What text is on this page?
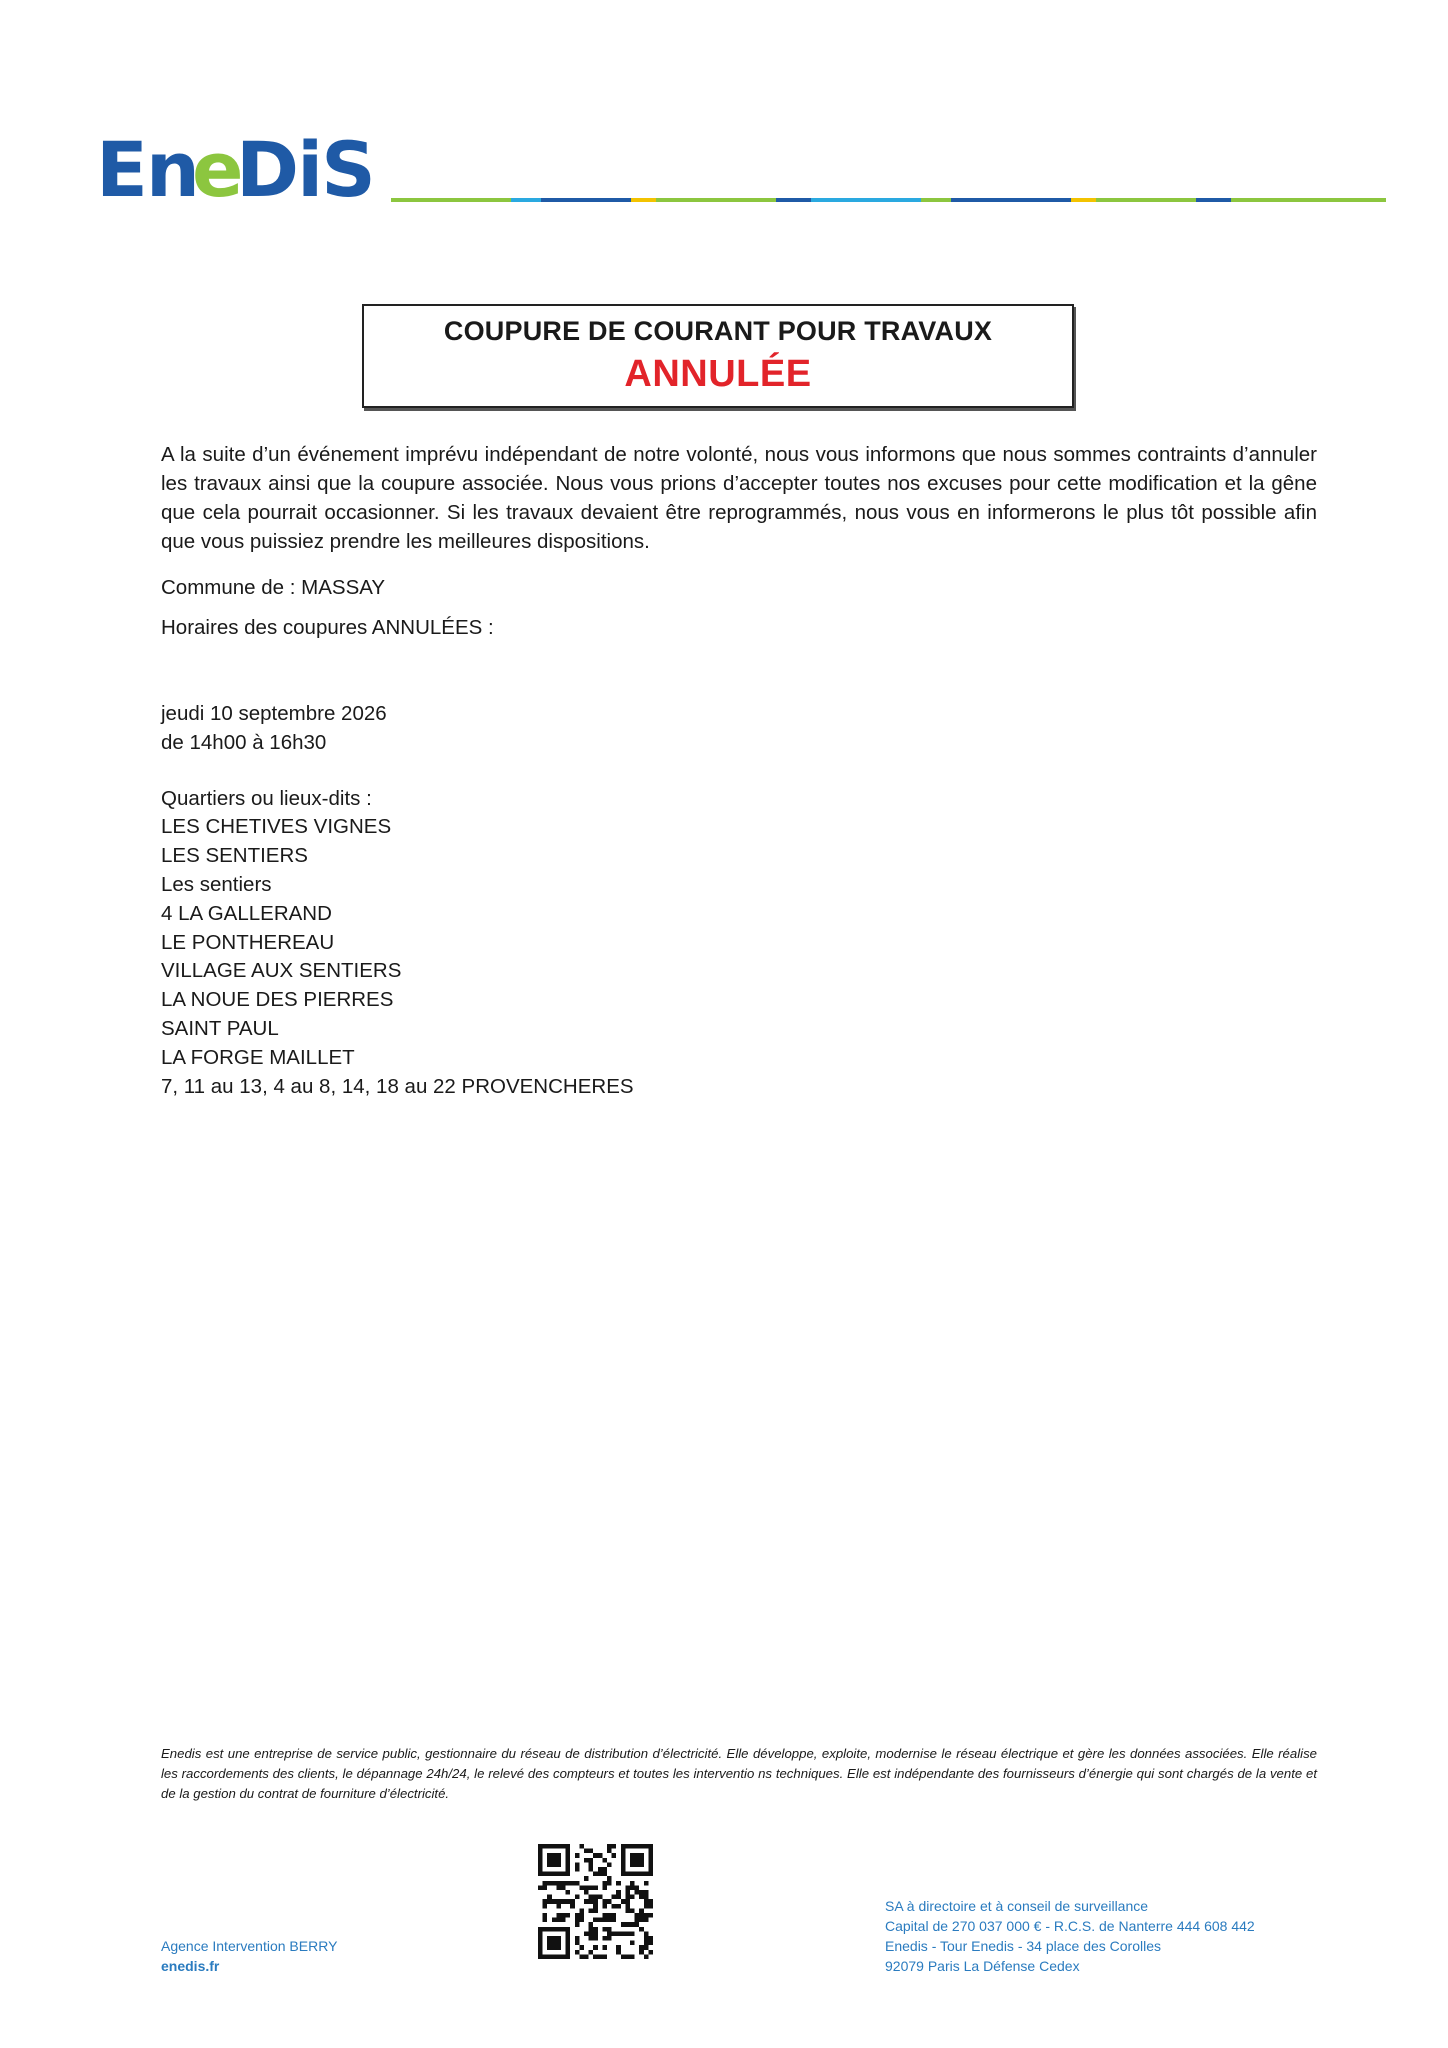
En
e
DiS
COUPURE DE COURANT POUR TRAVAUX
ANNULÉE
A la suite d’un événement imprévu indépendant de notre volonté, nous vous informons que nous sommes contraints d’annuler les travaux ainsi que la coupure associée. Nous vous prions d’accepter toutes nos excuses pour cette modification et la gêne que cela pourrait occasionner. Si les travaux devaient être reprogrammés, nous vous en informerons le plus tôt possible afin que vous puissiez prendre les meilleures dispositions.
Commune de : MASSAY
Horaires des coupures ANNULÉES :
jeudi 10 septembre 2026
de 14h00 à 16h30
Quartiers ou lieux-dits :
LES CHETIVES VIGNES
LES SENTIERS
Les sentiers
4 LA GALLERAND
LE PONTHEREAU
VILLAGE AUX SENTIERS
LA NOUE DES PIERRES
SAINT PAUL
LA FORGE MAILLET
7, 11 au 13, 4 au 8, 14, 18 au 22 PROVENCHERES
Enedis est une entreprise de service public, gestionnaire du réseau de distribution d’électricité. Elle développe, exploite, modernise le réseau électrique et gère les données associées. Elle réalise les raccordements des clients, le dépannage 24h/24, le relevé des compteurs et toutes les interventio ns techniques. Elle est indépendante des fournisseurs d’énergie qui sont chargés de la vente et de la gestion du contrat de fourniture d’électricité.
Agence Intervention BERRY
enedis.fr
SA à directoire et à conseil de surveillance
Capital de 270 037 000 € - R.C.S. de Nanterre 444 608 442
Enedis - Tour Enedis - 34 place des Corolles
92079 Paris La Défense Cedex
